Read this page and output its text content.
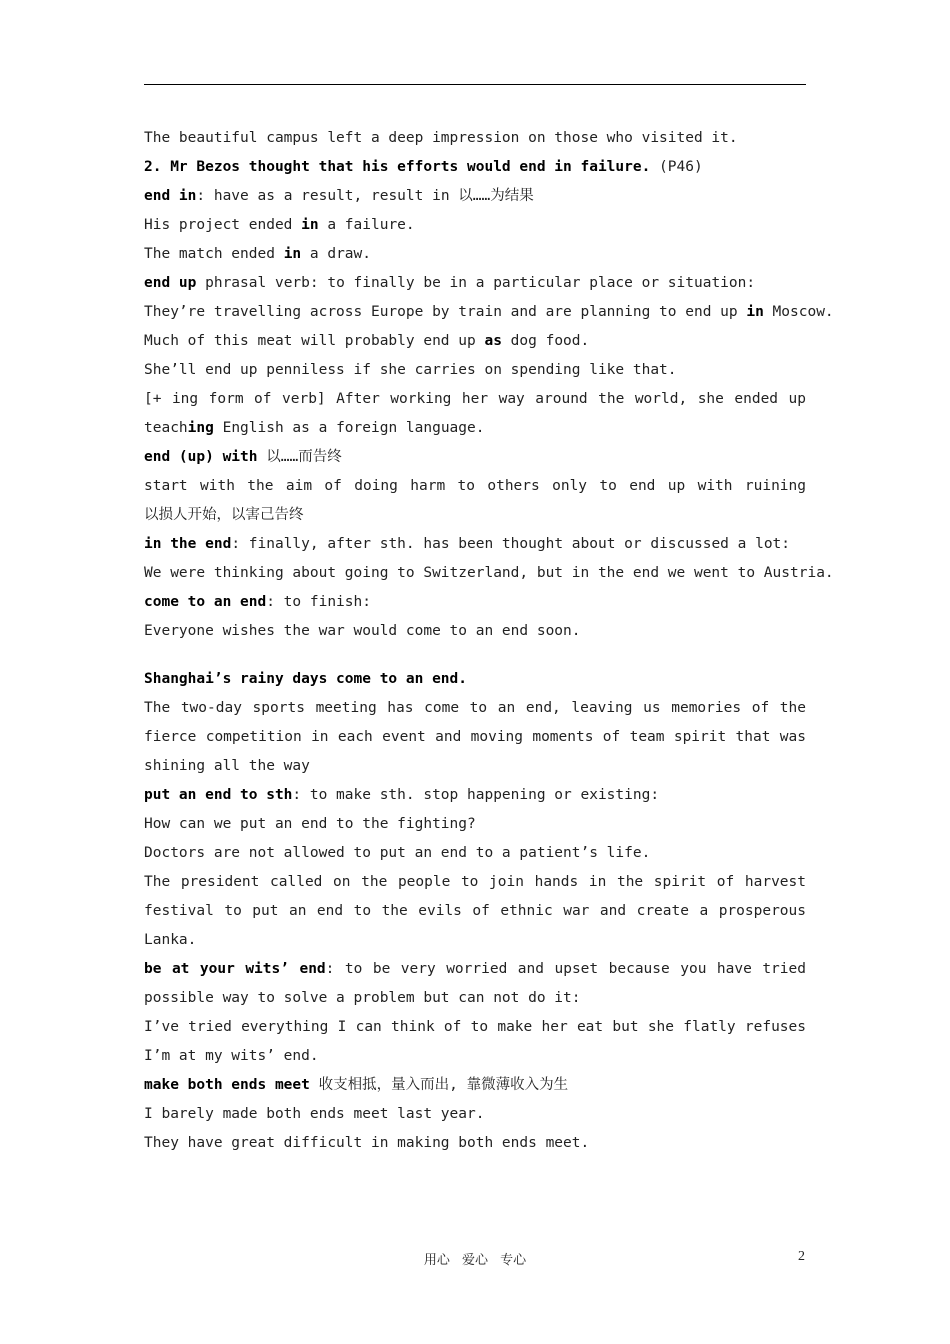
The beautiful campus left a deep impression on those who visited it.
2. Mr Bezos thought that his efforts would end in failure. (P46)
end in: have as a result, result in 以……为结果
His project ended in a failure.
The match ended in a draw.
end up phrasal verb: to finally be in a particular place or situation:
They’re travelling across Europe by train and are planning to end up in Moscow.
Much of this meat will probably end up as dog food.
She’ll end up penniless if she carries on spending like that.
[+ ing form of verb] After working her way around the world, she ended up
teaching English as a foreign language.
end (up) with 以……而告终
start with the aim of doing harm to others only to end up with ruining
以损人开始，以害己告终
in the end: finally, after sth. has been thought about or discussed a lot:
We were thinking about going to Switzerland, but in the end we went to Austria.
come to an end: to finish:
Everyone wishes the war would come to an end soon.
Shanghai’s rainy days come to an end.
The two-day sports meeting has come to an end, leaving us memories of the
fierce competition in each event and moving moments of team spirit that was
shining all the way
put an end to sth: to make sth. stop happening or existing:
How can we put an end to the fighting?
Doctors are not allowed to put an end to a patient’s life.
The president called on the people to join hands in the spirit of harvest
festival to put an end to the evils of ethnic war and create a prosperous
Lanka.
be at your wits’ end: to be very worried and upset because you have tried
possible way to solve a problem but can not do it:
I’ve tried everything I can think of to make her eat but she flatly refuses
I’m at my wits’ end.
make both ends meet 收支相抵，量入而出, 靠微薄收入为生
I barely made both ends meet last year.
They have great difficult in making both ends meet.
用心 爱心 专心	2
